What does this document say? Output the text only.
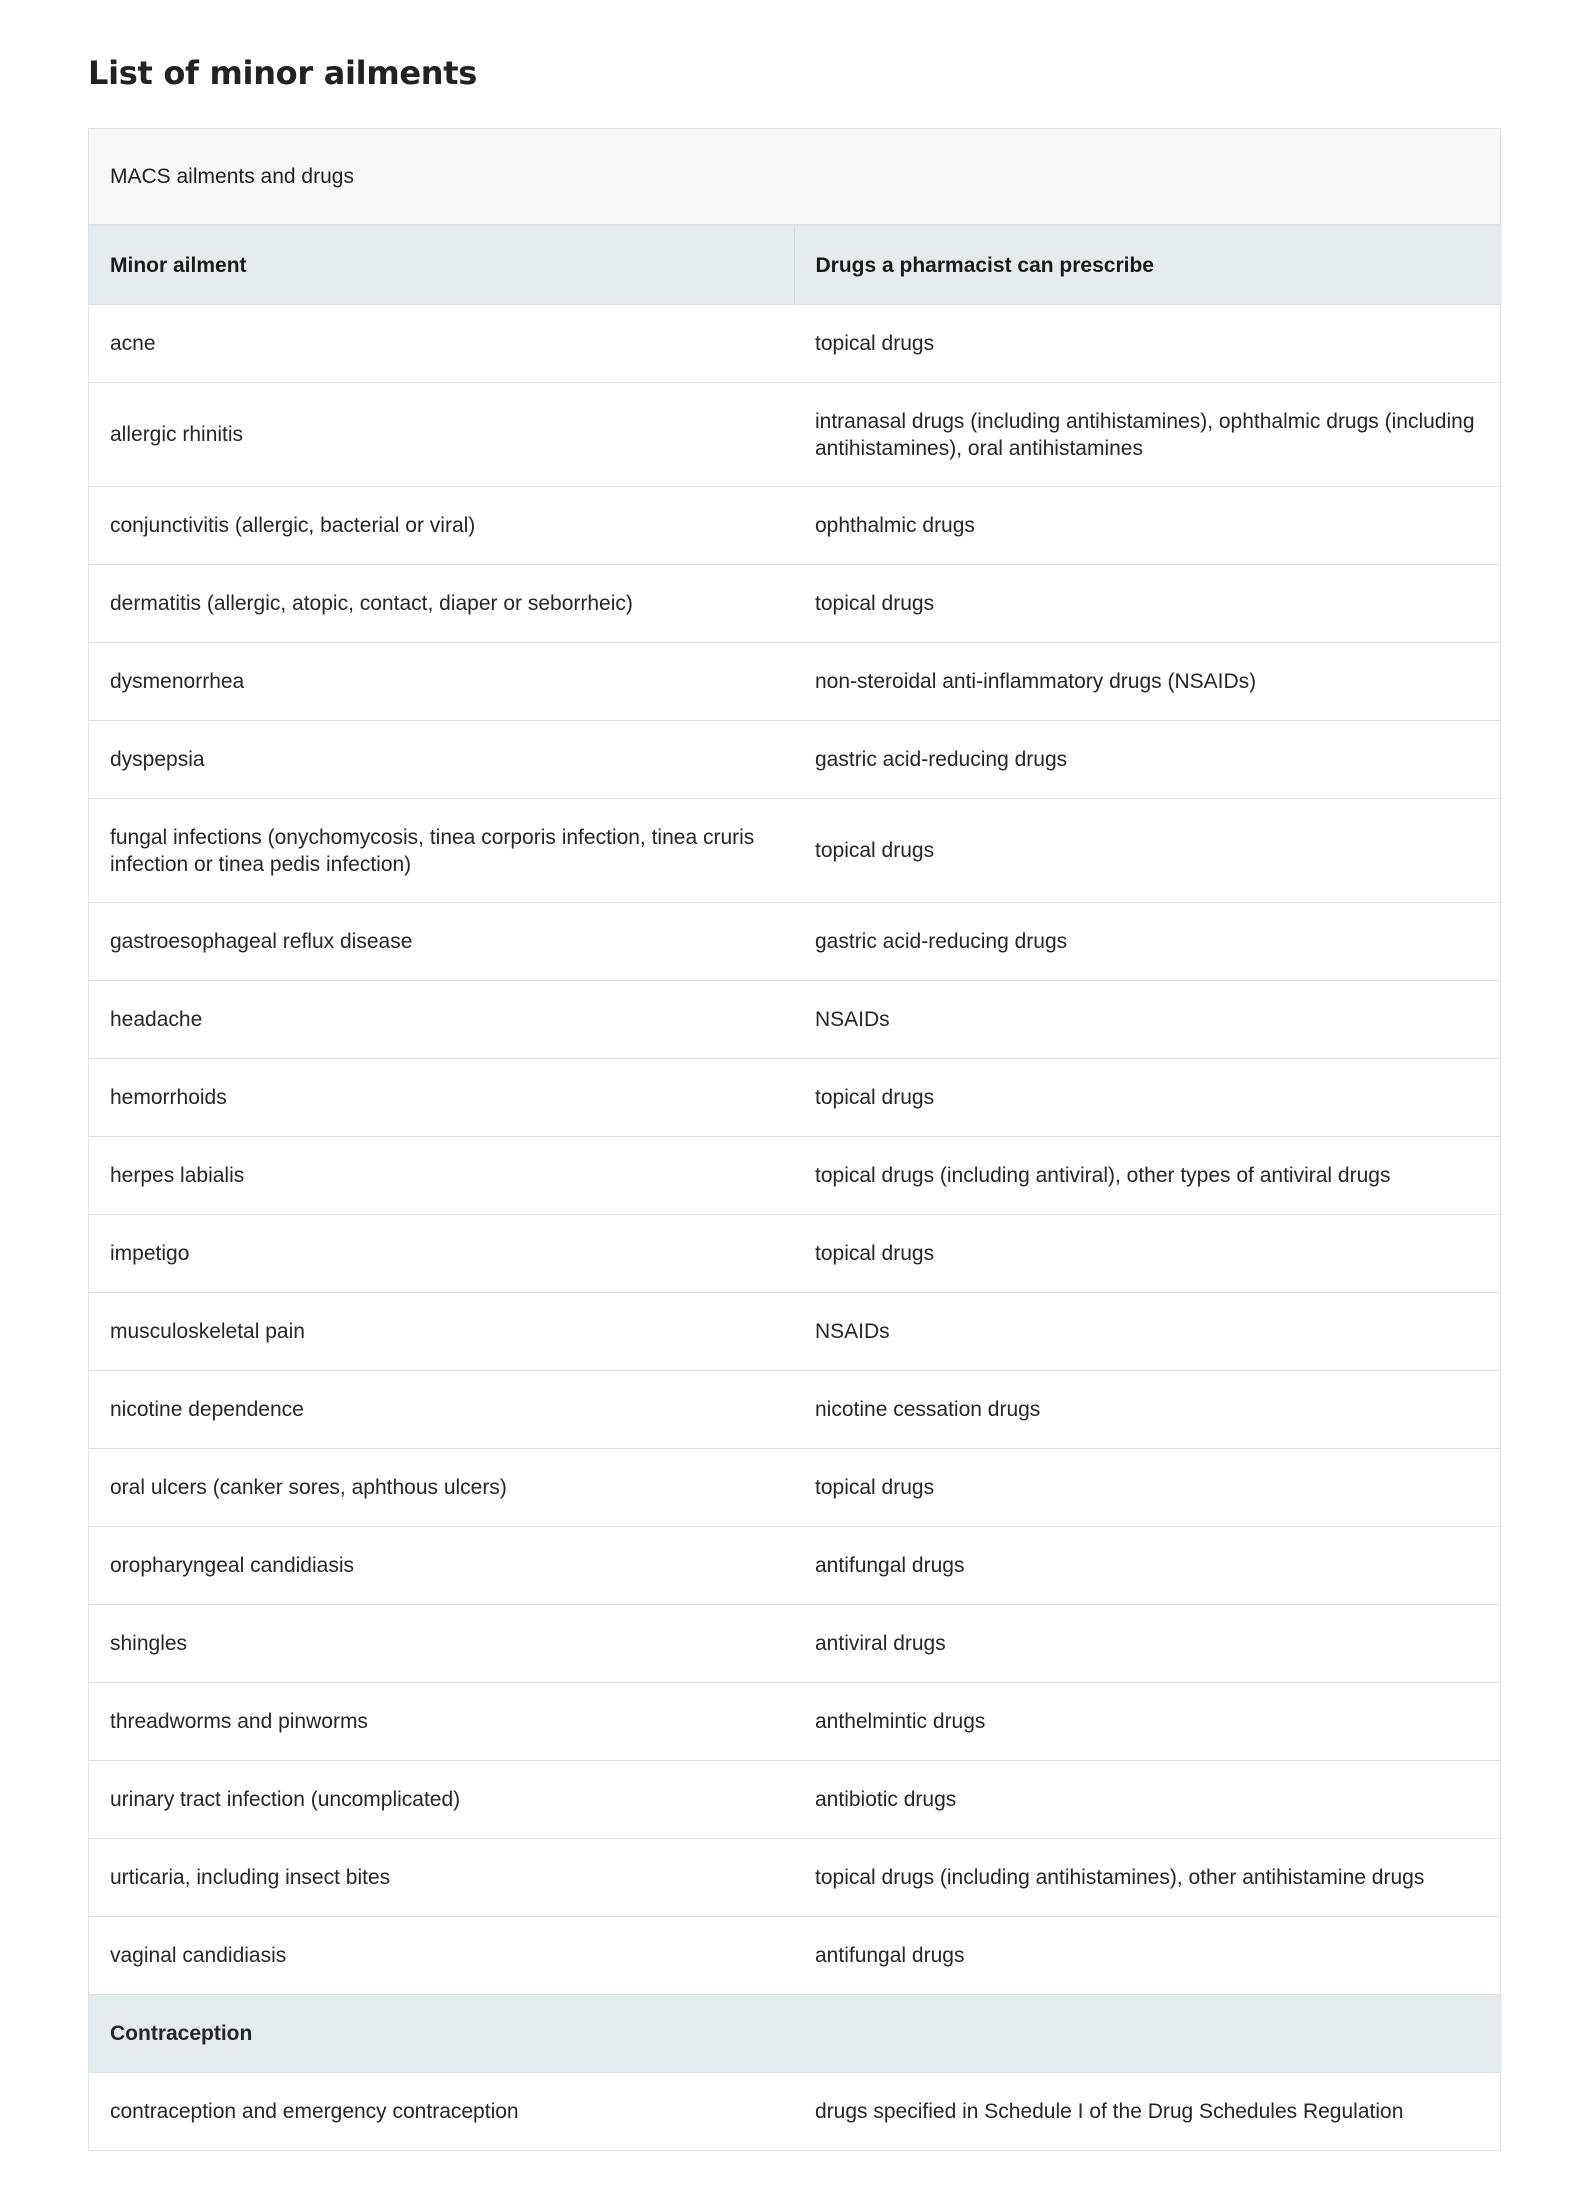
List of minor ailments
MACS ailments and drugs
Minor ailment	Drugs a pharmacist can prescribe
acne	topical drugs
allergic rhinitis	intranasal drugs (including antihistamines), ophthalmic drugs (including antihistamines), oral antihistamines
conjunctivitis (allergic, bacterial or viral)	ophthalmic drugs
dermatitis (allergic, atopic, contact, diaper or seborrheic)	topical drugs
dysmenorrhea	non-steroidal anti-inflammatory drugs (NSAIDs)
dyspepsia	gastric acid-reducing drugs
fungal infections (onychomycosis, tinea corporis infection, tinea cruris infection or tinea pedis infection)	topical drugs
gastroesophageal reflux disease	gastric acid-reducing drugs
headache	NSAIDs
hemorrhoids	topical drugs
herpes labialis	topical drugs (including antiviral), other types of antiviral drugs
impetigo	topical drugs
musculoskeletal pain	NSAIDs
nicotine dependence	nicotine cessation drugs
oral ulcers (canker sores, aphthous ulcers)	topical drugs
oropharyngeal candidiasis	antifungal drugs
shingles	antiviral drugs
threadworms and pinworms	anthelmintic drugs
urinary tract infection (uncomplicated)	antibiotic drugs
urticaria, including insect bites	topical drugs (including antihistamines), other antihistamine drugs
vaginal candidiasis	antifungal drugs
Contraception	
contraception and emergency contraception	drugs specified in Schedule I of the Drug Schedules Regulation
